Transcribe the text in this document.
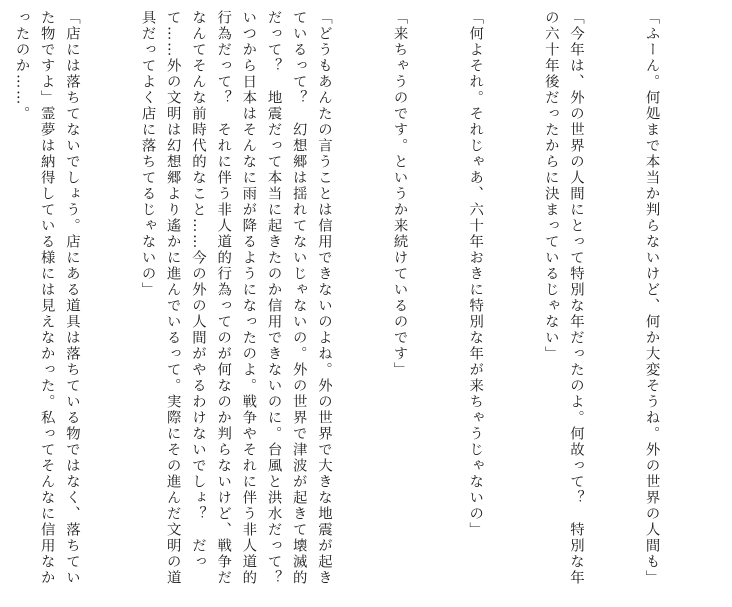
「ふーん。何処まで本当か判らないけど、何か大変そうね。外の世界の人間も」

「今年は、外の世界の人間にとって特別な年だったのよ。何故って？　特別な年の六十年後だったからに決まっているじゃない」

「何よそれ。それじゃあ、六十年おきに特別な年が来ちゃうじゃないの」

「来ちゃうのです。というか来続けているのです」

「どうもあんたの言うことは信用できないのよね。外の世界で大きな地震が起きているって？　幻想郷は揺れてないじゃないの。外の世界で津波が起きて壊滅的だって？　地震だって本当に起きたのか信用できないのに。台風と洪水だって？　いつから日本はそんなに雨が降るようになったのよ。戦争やそれに伴う非人道的行為だって？　それに伴う非人道的行為ってのが何なのか判らないけど、戦争だなんてそんな前時代的なこと……今の外の人間がやるわけないでしょ？　だって……外の文明は幻想郷より遙かに進んでいるって。実際にその進んだ文明の道具だってよく店に落ちてるじゃないの」

「店には落ちてないでしょう。店にある道具は落ちている物ではなく、落ちていた物ですよ」霊夢は納得している様には見えなかった。私ってそんなに信用なかったのか……。
